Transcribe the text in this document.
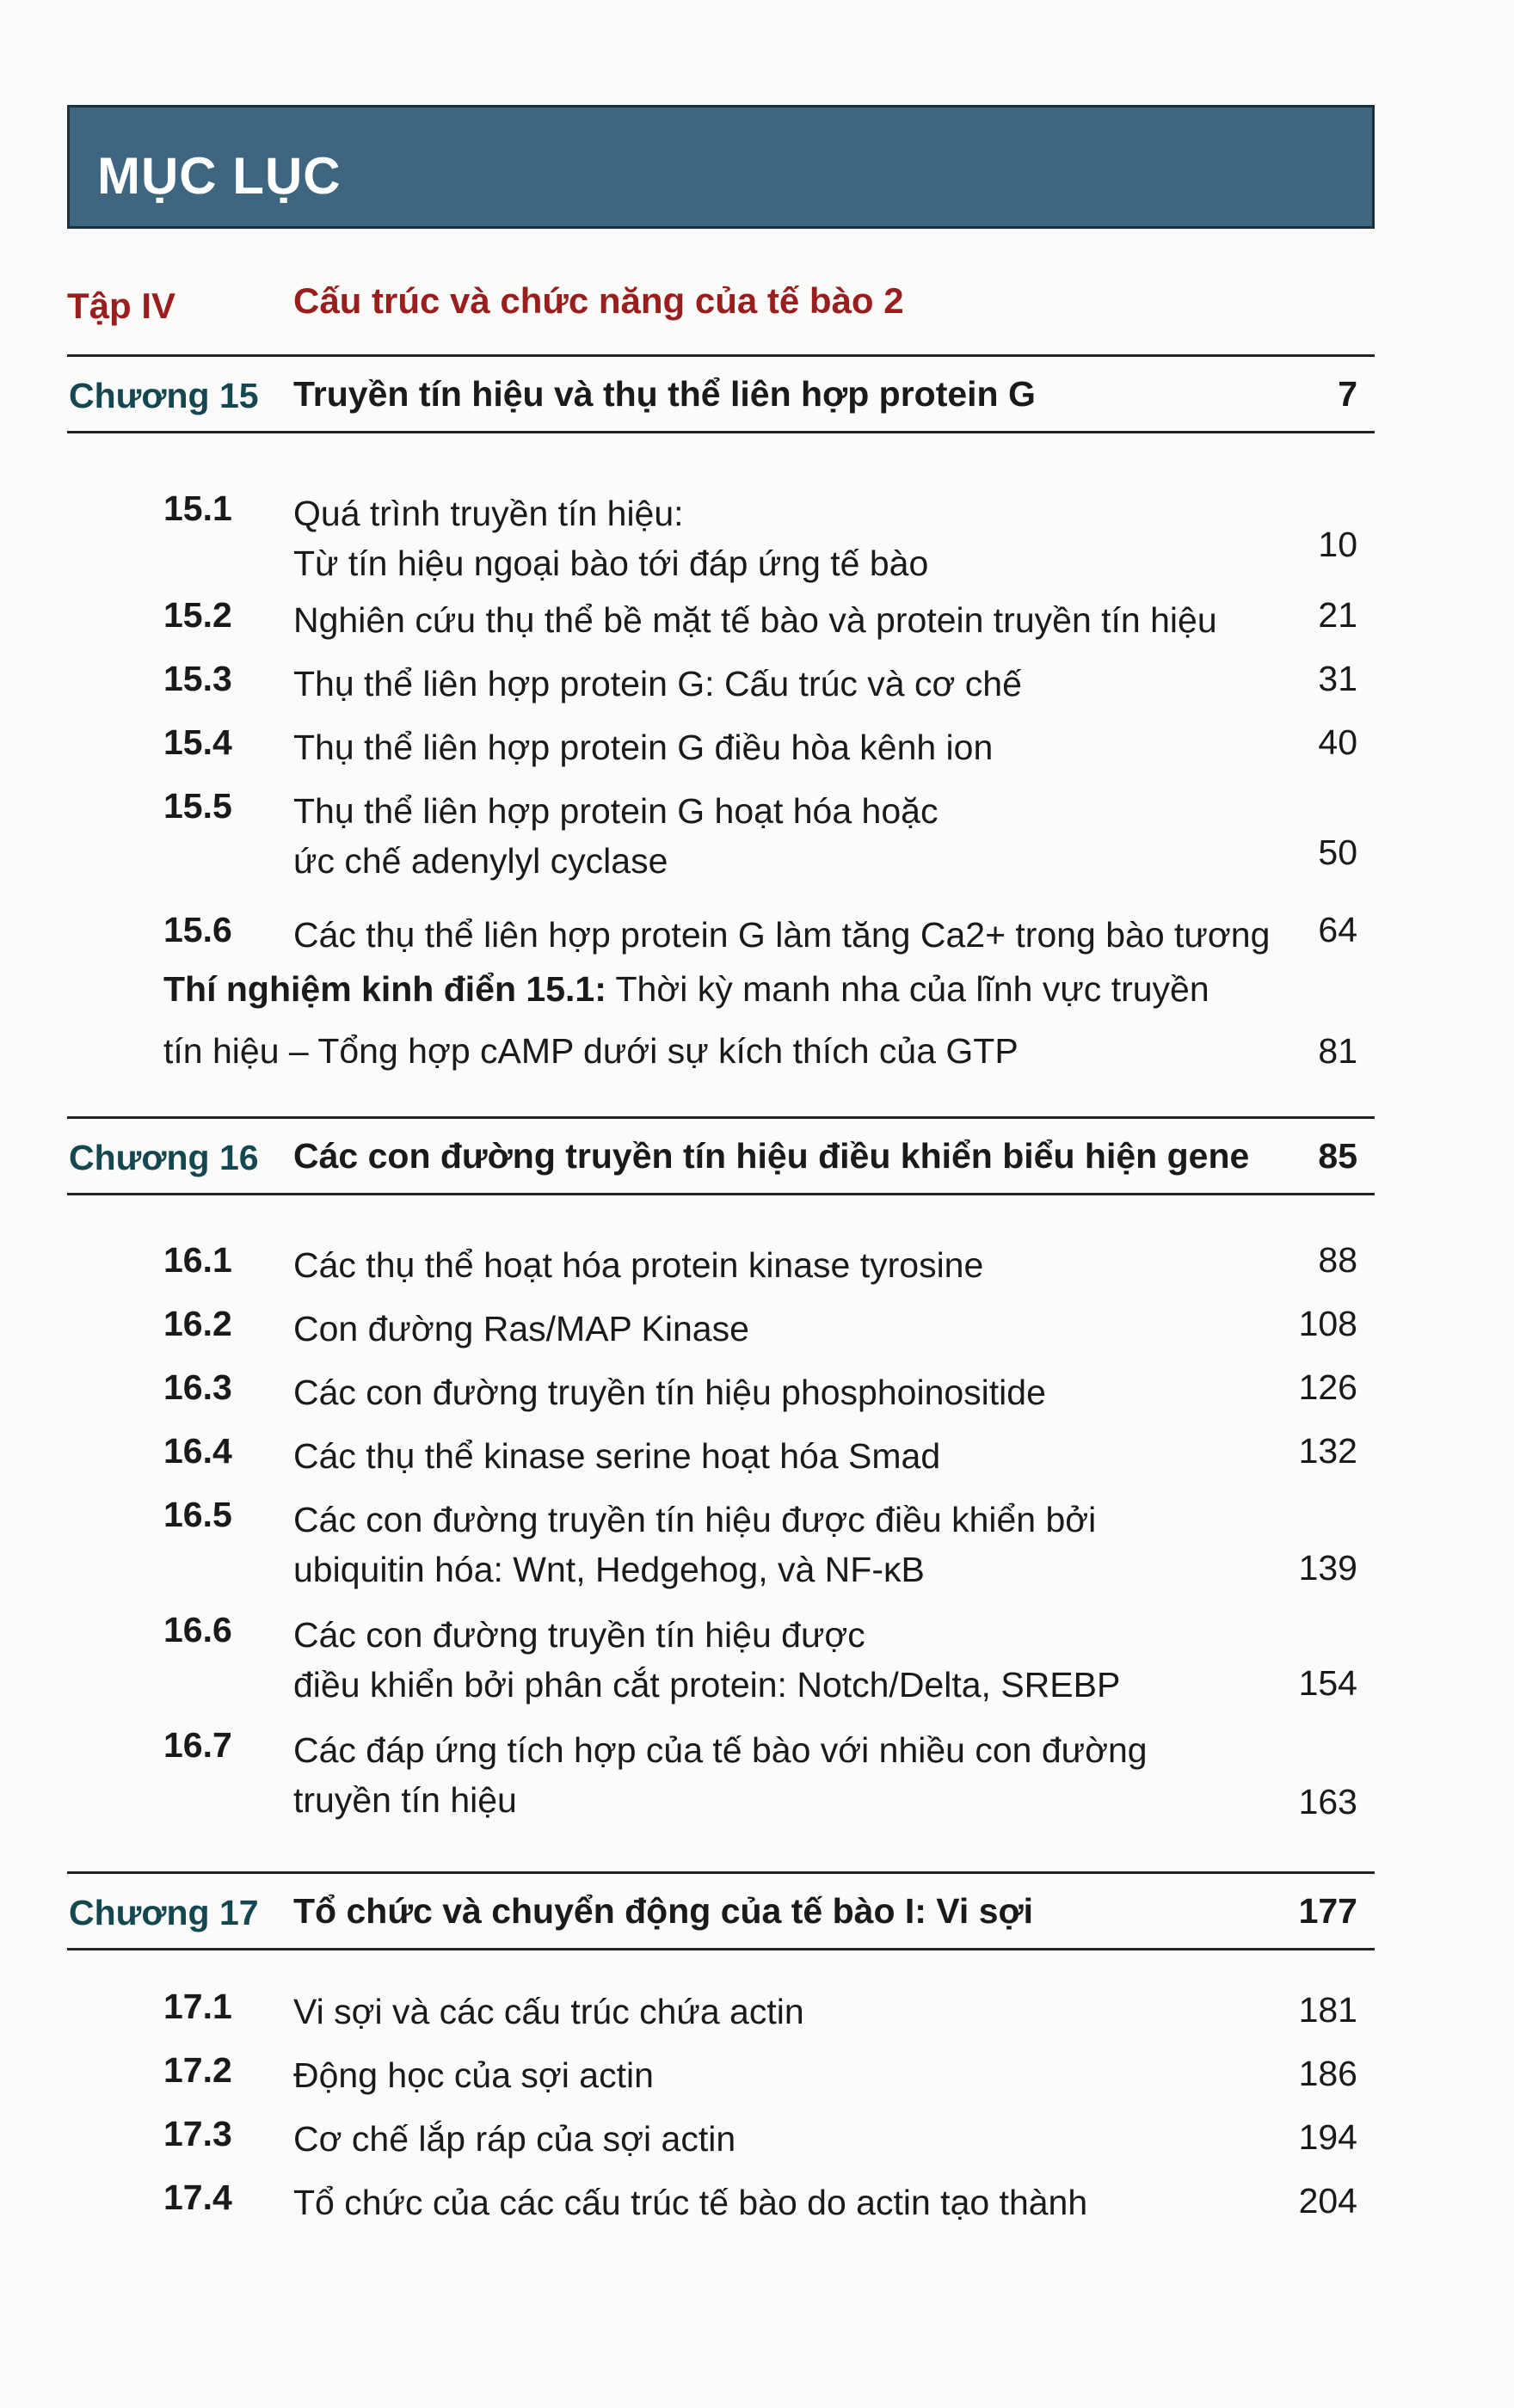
MỤC LỤC
Tập IV	Cấu trúc và chức năng của tế bào 2
Chương 15 Truyền tín hiệu và thụ thể liên hợp protein G	7
15.1 Quá trình truyền tín hiệu:
Từ tín hiệu ngoại bào tới đáp ứng tế bào	10
15.2 Nghiên cứu thụ thể bề mặt tế bào và protein truyền tín hiệu	21
15.3 Thụ thể liên hợp protein G: Cấu trúc và cơ chế	31
15.4 Thụ thể liên hợp protein G điều hòa kênh ion	40
15.5 Thụ thể liên hợp protein G hoạt hóa hoặc
ức chế adenylyl cyclase	50
15.6 Các thụ thể liên hợp protein G làm tăng Ca2+ trong bào tương 64
Thí nghiệm kinh điển 15.1: Thời kỳ manh nha của lĩnh vực truyền
tín hiệu – Tổng hợp cAMP dưới sự kích thích của GTP	81
Chương 16 Các con đường truyền tín hiệu điều khiển biểu hiện gene 85
16.1 Các thụ thể hoạt hóa protein kinase tyrosine	88
16.2 Con đường Ras/MAP Kinase	108
16.3 Các con đường truyền tín hiệu phosphoinositide	126
16.4 Các thụ thể kinase serine hoạt hóa Smad	132
16.5 Các con đường truyền tín hiệu được điều khiển bởi
ubiquitin hóa: Wnt, Hedgehog, và NF-κB	139
16.6 Các con đường truyền tín hiệu được
điều khiển bởi phân cắt protein: Notch/Delta, SREBP	154
16.7 Các đáp ứng tích hợp của tế bào với nhiều con đường
truyền tín hiệu	163
Chương 17 Tổ chức và chuyển động của tế bào I: Vi sợi	177
17.1 Vi sợi và các cấu trúc chứa actin	181
17.2 Động học của sợi actin	186
17.3 Cơ chế lắp ráp của sợi actin	194
17.4 Tổ chức của các cấu trúc tế bào do actin tạo thành	204
